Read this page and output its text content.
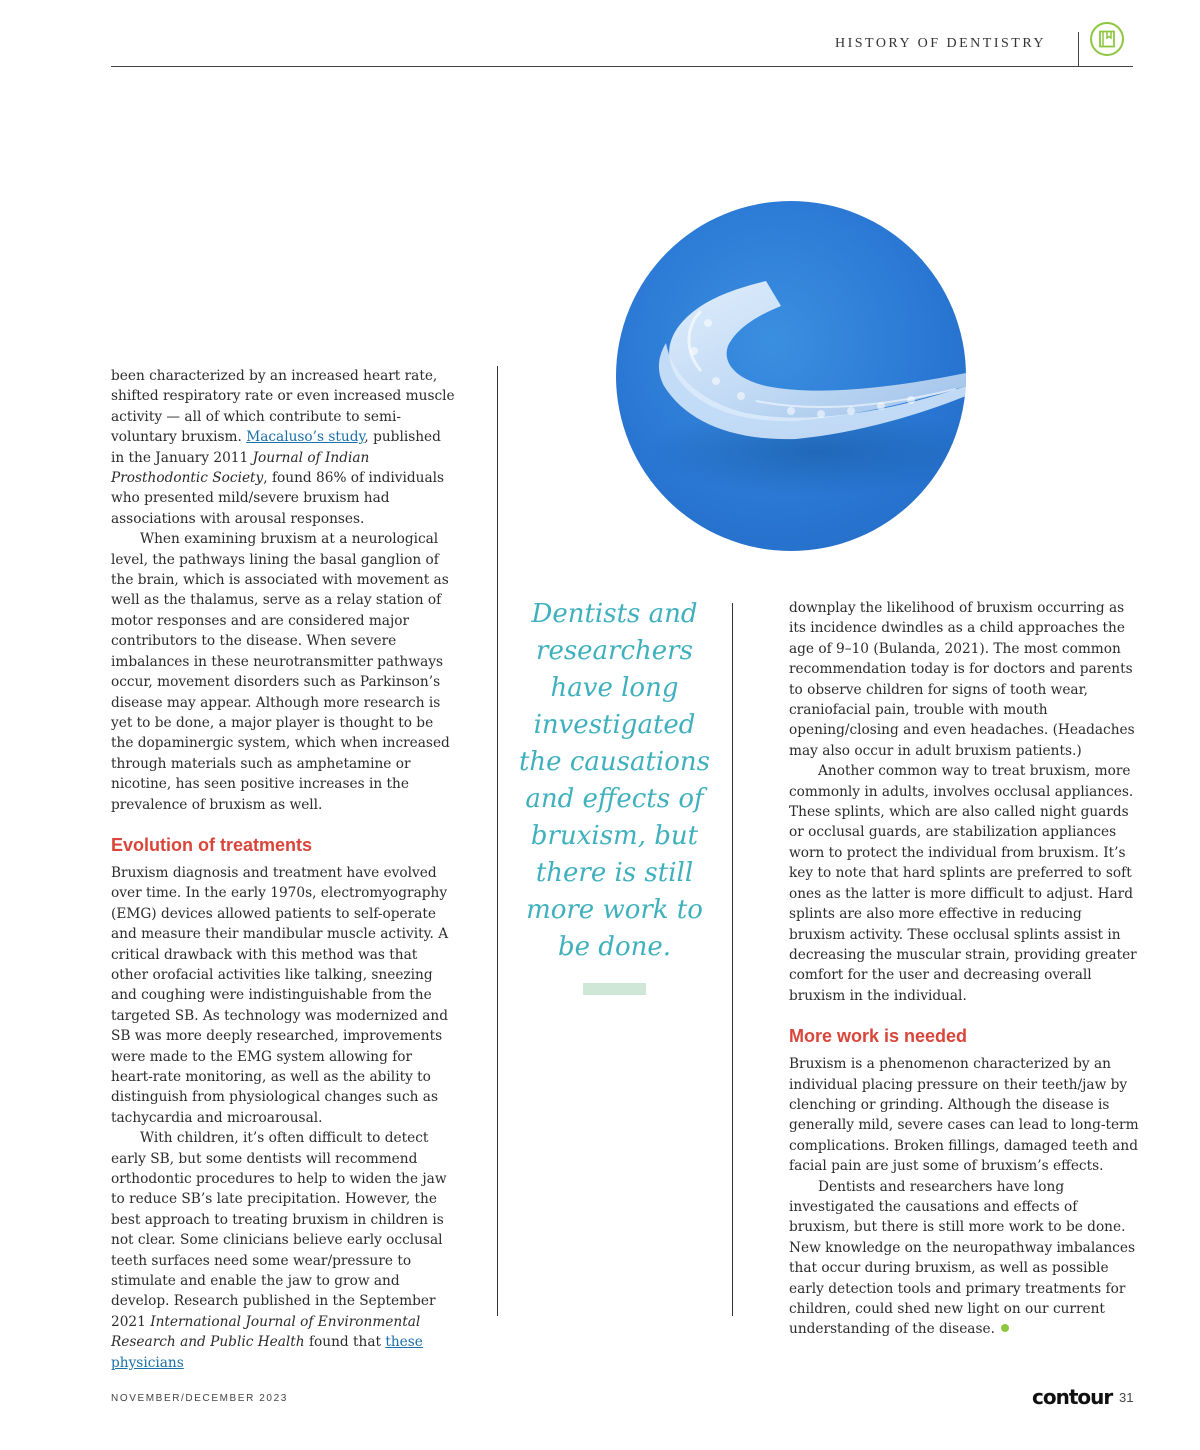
HISTORY OF DENTISTRY

been characterized by an increased heart rate, shifted respiratory rate or even increased muscle activity — all of which contribute to semi-voluntary bruxism. Macaluso’s study, published in the January 2011 Journal of Indian Prosthodontic Society, found 86% of individuals who presented mild/severe bruxism had associations with arousal responses.

When examining bruxism at a neurological level, the pathways lining the basal ganglion of the brain, which is associated with movement as well as the thalamus, serve as a relay station of motor responses and are considered major contributors to the disease. When severe imbalances in these neurotransmitter pathways occur, movement disorders such as Parkinson’s disease may appear. Although more research is yet to be done, a major player is thought to be the dopaminergic system, which when increased through materials such as amphetamine or nicotine, has seen positive increases in the prevalence of bruxism as well.

Evolution of treatments

Bruxism diagnosis and treatment have evolved over time. In the early 1970s, electromyography (EMG) devices allowed patients to self-operate and measure their mandibular muscle activity. A critical drawback with this method was that other orofacial activities like talking, sneezing and coughing were indistinguishable from the targeted SB. As technology was modernized and SB was more deeply researched, improvements were made to the EMG system allowing for heart-rate monitoring, as well as the ability to distinguish from physiological changes such as tachycardia and microarousal.

With children, it’s often difficult to detect early SB, but some dentists will recommend orthodontic procedures to help to widen the jaw to reduce SB’s late precipitation. However, the best approach to treating bruxism in children is not clear. Some clinicians believe early occlusal teeth surfaces need some wear/pressure to stimulate and enable the jaw to grow and develop. Research published in the September 2021 International Journal of Environmental Research and Public Health found that these physicians

Dentists and researchers have long investigated the causations and effects of bruxism, but there is still more work to be done.

downplay the likelihood of bruxism occurring as its incidence dwindles as a child approaches the age of 9–10 (Bulanda, 2021). The most common recommendation today is for doctors and parents to observe children for signs of tooth wear, craniofacial pain, trouble with mouth opening/closing and even headaches. (Headaches may also occur in adult bruxism patients.)

Another common way to treat bruxism, more commonly in adults, involves occlusal appliances. These splints, which are also called night guards or occlusal guards, are stabilization appliances worn to protect the individual from bruxism. It’s key to note that hard splints are preferred to soft ones as the latter is more difficult to adjust. Hard splints are also more effective in reducing bruxism activity. These occlusal splints assist in decreasing the muscular strain, providing greater comfort for the user and decreasing overall bruxism in the individual.

More work is needed

Bruxism is a phenomenon characterized by an individual placing pressure on their teeth/jaw by clenching or grinding. Although the disease is generally mild, severe cases can lead to long-term complications. Broken fillings, damaged teeth and facial pain are just some of bruxism’s effects.

Dentists and researchers have long investigated the causations and effects of bruxism, but there is still more work to be done. New knowledge on the neuropathway imbalances that occur during bruxism, as well as possible early detection tools and primary treatments for children, could shed new light on our current understanding of the disease.

NOVEMBER/DECEMBER 2023	contour 31
